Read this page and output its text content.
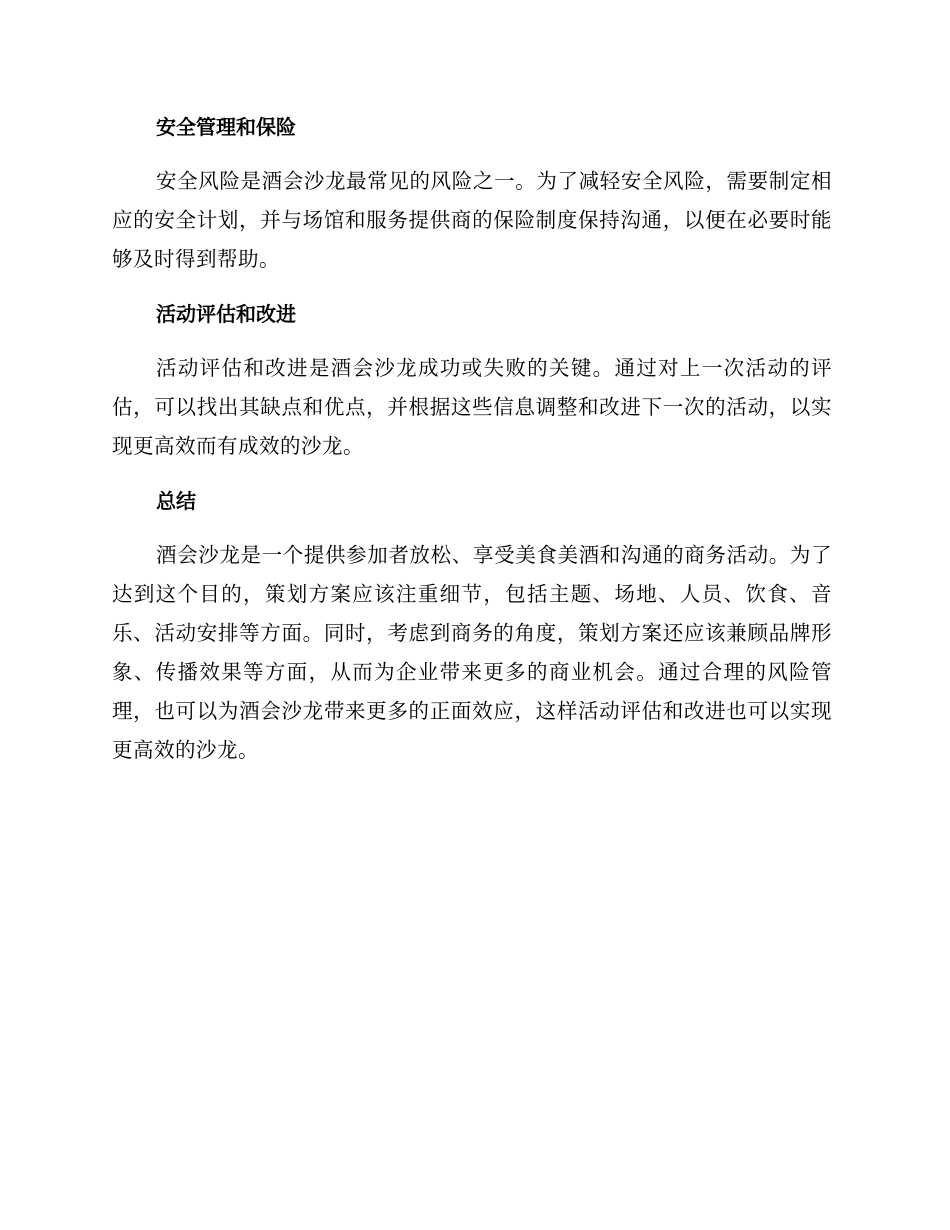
安全管理和保险

安全风险是酒会沙龙最常见的风险之一。为了减轻安全风险，需要制定相应的安全计划，并与场馆和服务提供商的保险制度保持沟通，以便在必要时能够及时得到帮助。

活动评估和改进

活动评估和改进是酒会沙龙成功或失败的关键。通过对上一次活动的评估，可以找出其缺点和优点，并根据这些信息调整和改进下一次的活动，以实现更高效而有成效的沙龙。

总结

酒会沙龙是一个提供参加者放松、享受美食美酒和沟通的商务活动。为了达到这个目的，策划方案应该注重细节，包括主题、场地、人员、饮食、音乐、活动安排等方面。同时，考虑到商务的角度，策划方案还应该兼顾品牌形象、传播效果等方面，从而为企业带来更多的商业机会。通过合理的风险管理，也可以为酒会沙龙带来更多的正面效应，这样活动评估和改进也可以实现更高效的沙龙。
